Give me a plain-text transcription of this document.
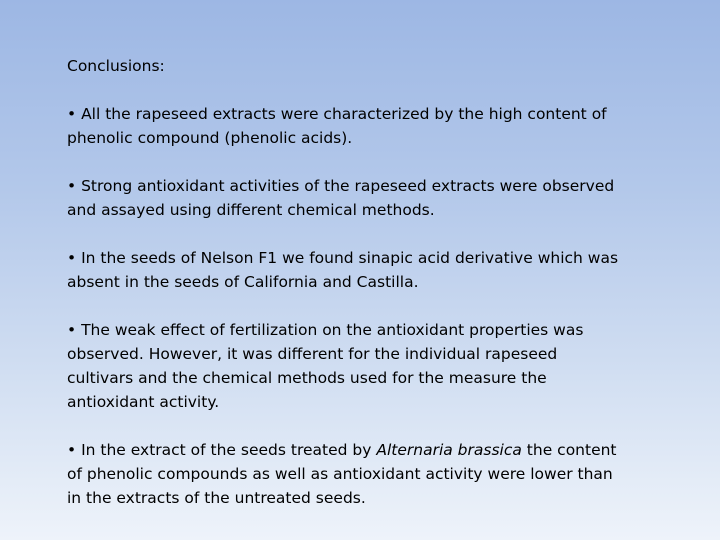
Conclusions:
• All the rapeseed extracts were characterized by the high content of
phenolic compound (phenolic acids).
• Strong antioxidant activities of the rapeseed extracts were observed
and assayed using different chemical methods.
• In the seeds of Nelson F1 we found sinapic acid derivative which was
absent in the seeds of California and Castilla.
• The weak effect of fertilization on the antioxidant properties was
observed. However, it was different for the individual rapeseed
cultivars and the chemical methods used for the measure the
antioxidant activity.
• In the extract of the seeds treated by Alternaria brassica the content
of phenolic compounds as well as antioxidant activity were lower than
in the extracts of the untreated seeds.
